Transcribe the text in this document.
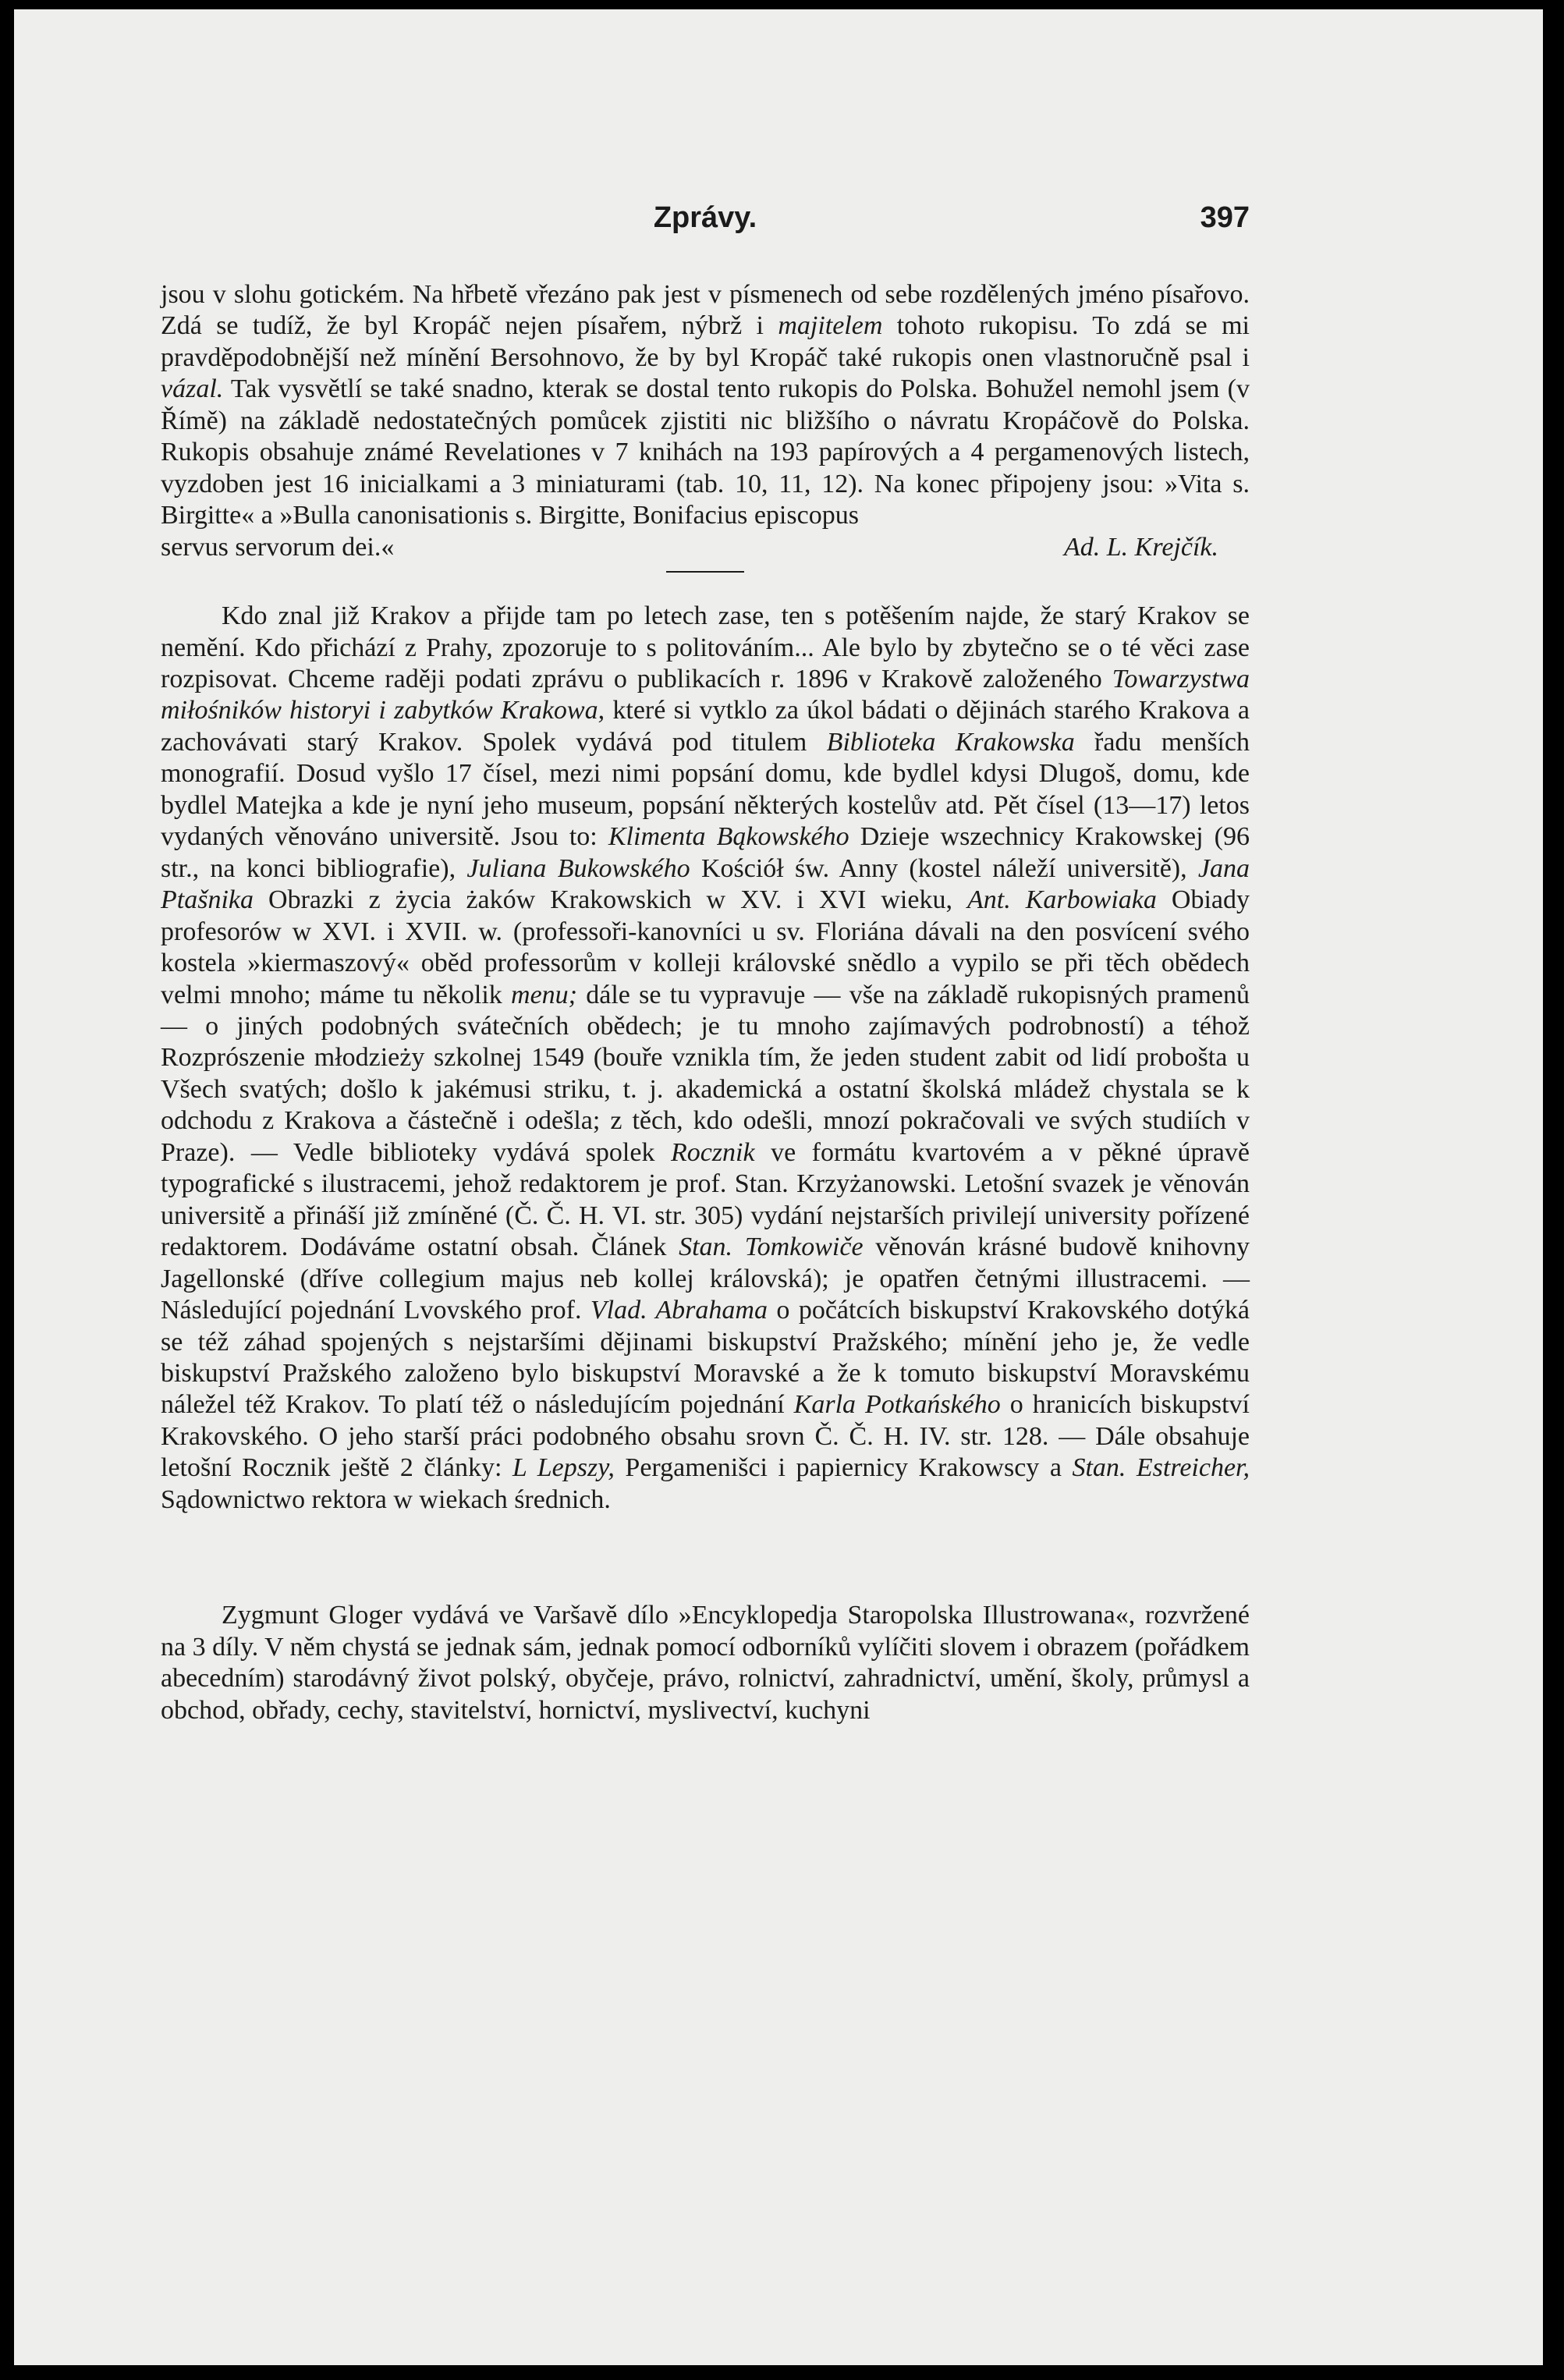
Zprávy.	397

jsou v slohu gotickém. Na hřbetě vřezáno pak jest v písmenech od sebe rozdělených jméno písařovo. Zdá se tudíž, že byl Kropáč nejen písařem, nýbrž i majitelem tohoto rukopisu. To zdá se mi pravděpodobnější než mínění Bersohnovo, že by byl Kropáč také rukopis onen vlastnoručně psal i vázal. Tak vysvětlí se také snadno, kterak se dostal tento rukopis do Polska. Bohužel nemohl jsem (v Římě) na základě nedostatečných pomůcek zjistiti nic bližšího o návratu Kropáčově do Polska. Rukopis obsahuje známé Revelationes v 7 knihách na 193 papírových a 4 pergamenových listech, vyzdoben jest 16 inicialkami a 3 miniaturami (tab. 10, 11, 12). Na konec připojeny jsou: »Vita s. Birgitte« a »Bulla canonisationis s. Birgitte, Bonifacius episcopus

servus servorum dei.«	Ad. L. Krejčík.

Kdo znal již Krakov a přijde tam po letech zase, ten s potěšením najde, že starý Krakov se nemění. Kdo přichází z Prahy, zpozoruje to s politováním... Ale bylo by zbytečno se o té věci zase rozpisovat. Chceme raději podati zprávu o publikacích r. 1896 v Krakově založeného Towarzystwa miłośników historyi i zabytków Krakowa, které si vytklo za úkol bádati o dějinách starého Krakova a zachovávati starý Krakov. Spolek vydává pod titulem Biblioteka Krakowska řadu menších monografií. Dosud vyšlo 17 čísel, mezi nimi popsání domu, kde bydlel kdysi Dlugoš, domu, kde bydlel Matejka a kde je nyní jeho museum, popsání některých kostelův atd. Pět čísel (13—17) letos vydaných věnováno universitě. Jsou to: Klimenta Bąkowského Dzieje wszechnicy Krakowskej (96 str., na konci bibliografie), Juliana Bukowského Kościół św. Anny (kostel náleží universitě), Jana Ptašnika Obrazki z życia żaków Krakowskich w XV. i XVI wieku, Ant. Karbowiaka Obiady profesorów w XVI. i XVII. w. (professoři-kanovníci u sv. Floriána dávali na den posvícení svého kostela »kiermaszový« oběd professorům v kolleji královské snědlo a vypilo se při těch obědech velmi mnoho; máme tu několik menu; dále se tu vypravuje — vše na základě rukopisných pramenů — o jiných podobných svátečních obědech; je tu mnoho zajímavých podrobností) a téhož Rozprószenie młodzieży szkolnej 1549 (bouře vznikla tím, že jeden student zabit od lidí probošta u Všech svatých; došlo k jakémusi striku, t. j. akademická a ostatní školská mládež chystala se k odchodu z Krakova a částečně i odešla; z těch, kdo odešli, mnozí pokračovali ve svých studiích v Praze). — Vedle biblioteky vydává spolek Rocznik ve formátu kvartovém a v pěkné úpravě typografické s ilustracemi, jehož redaktorem je prof. Stan. Krzyżanowski. Letošní svazek je věnován universitě a přináší již zmíněné (Č. Č. H. VI. str. 305) vydání nejstarších privilejí university pořízené redaktorem. Dodáváme ostatní obsah. Článek Stan. Tomkowiče věnován krásné budově knihovny Jagellonské (dříve collegium majus neb kollej královská); je opatřen četnými illustracemi. — Následující pojednání Lvovského prof. Vlad. Abrahama o počátcích biskupství Krakovského dotýká se též záhad spojených s nejstaršími dějinami biskupství Pražského; mínění jeho je, že vedle biskupství Pražského založeno bylo biskupství Moravské a že k tomuto biskupství Moravskému náležel též Krakov. To platí též o následujícím pojednání Karla Potkańského o hranicích biskupství Krakovského. O jeho starší práci podobného obsahu srovn Č. Č. H. IV. str. 128. — Dále obsahuje letošní Rocznik ještě 2 články: L Lepszy, Pergamenišci i papiernicy Krakowscy a Stan. Estreicher, Sądownictwo rektora w wiekach średnich.

Zygmunt Gloger vydává ve Varšavě dílo »Encyklopedja Staropolska Illustrowana«, rozvržené na 3 díly. V něm chystá se jednak sám, jednak pomocí odborníků vylíčiti slovem i obrazem (pořádkem abecedním) starodávný život polský, obyčeje, právo, rolnictví, zahradnictví, umění, školy, průmysl a obchod, obřady, cechy, stavitelství, hornictví, myslivectví, kuchyni
